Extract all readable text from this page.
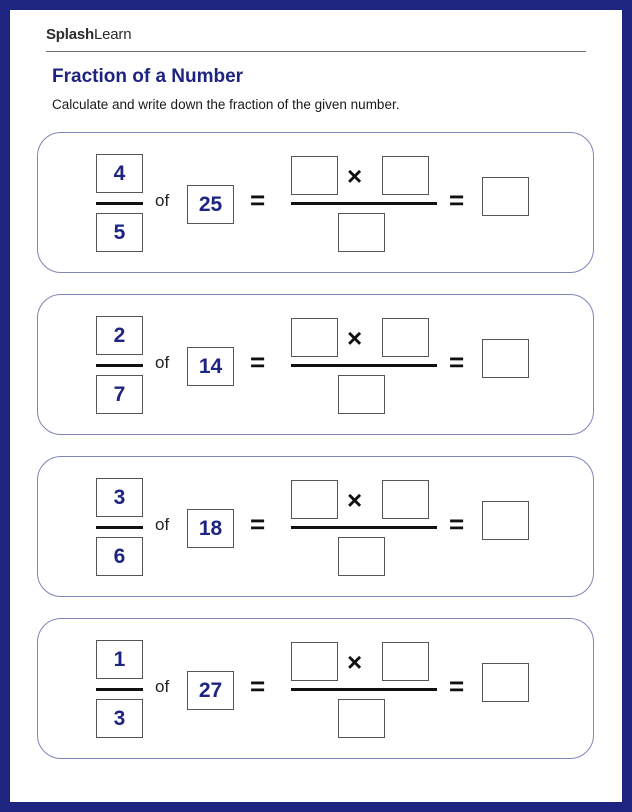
SplashLearn
Fraction of a Number
Calculate and write down the fraction of the given number.
4
5
of	25	=
×
=
2
7
of	14	=
×
=
3
6
of	18	=
×
=
1
3
of	27	=
×
=
